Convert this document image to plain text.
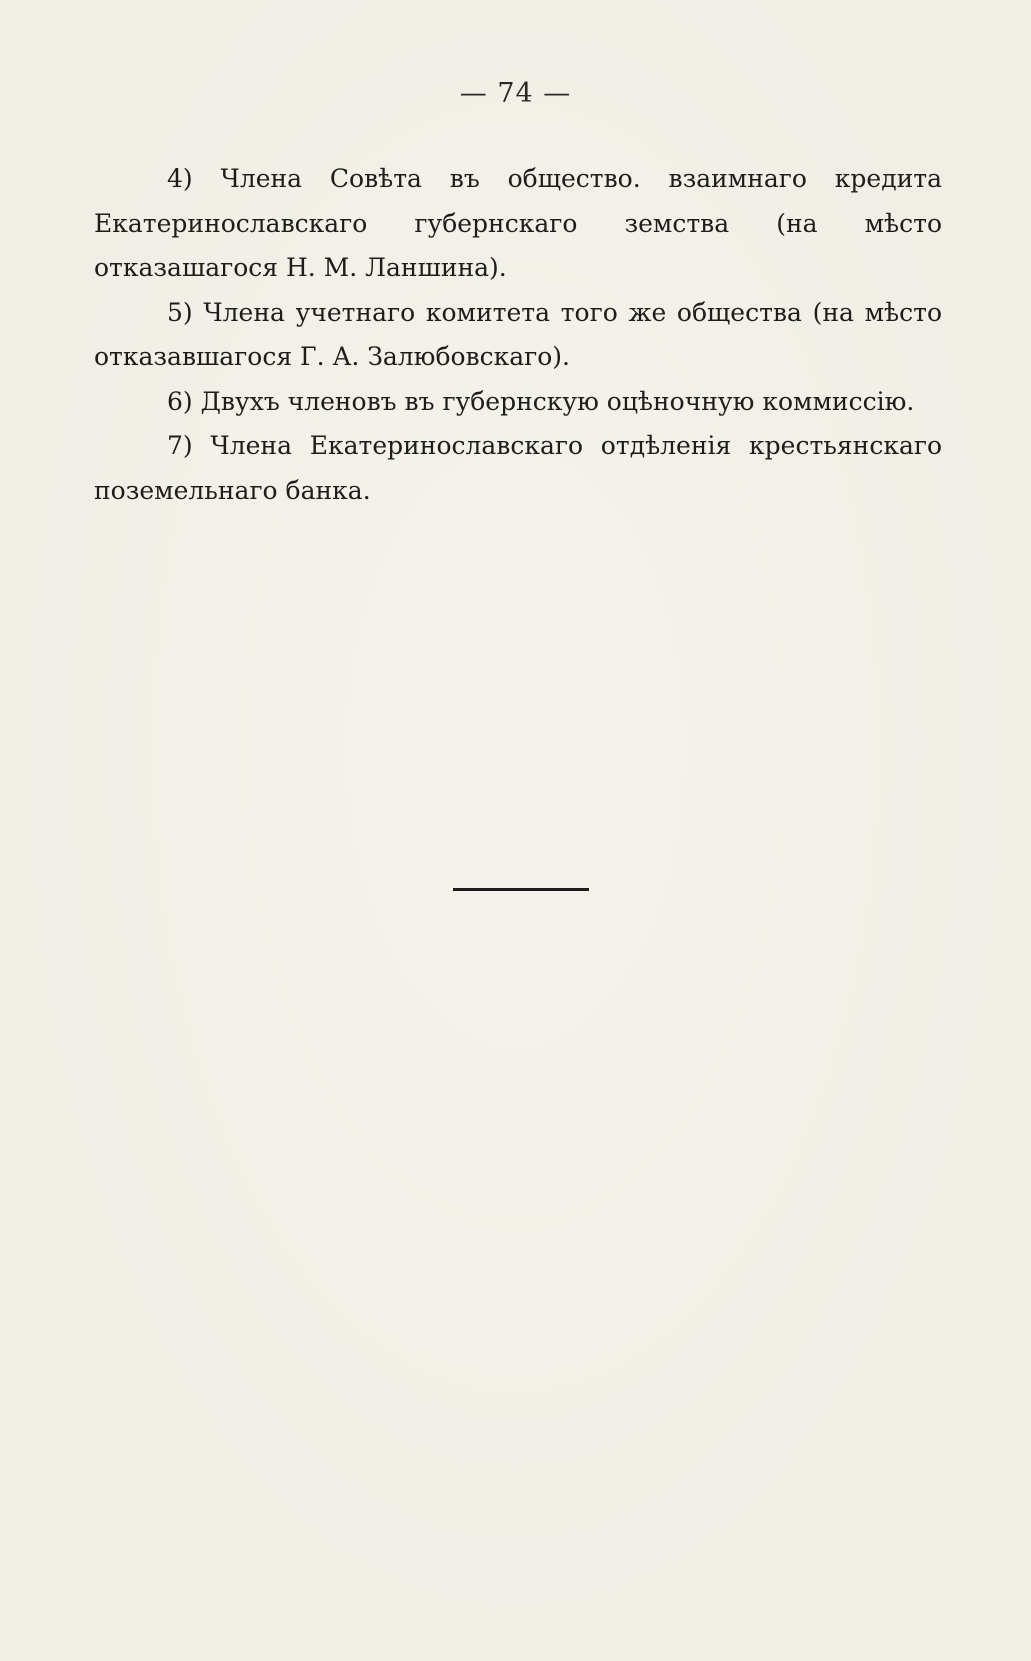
— 74 —

4) Члена Совѣта въ общество. взаимнаго кредита Екатеринославскаго губернскаго земства (на мѣсто отказашагося Н. М. Ланшина).

5) Члена учетнаго комитета того же общества (на мѣсто отказавшагося Г. А. Залюбовскаго).

6) Двухъ членовъ въ губернскую оцѣночную коммиссію.

7) Члена Екатеринославскаго отдѣленія крестьянскаго поземельнаго банка.
